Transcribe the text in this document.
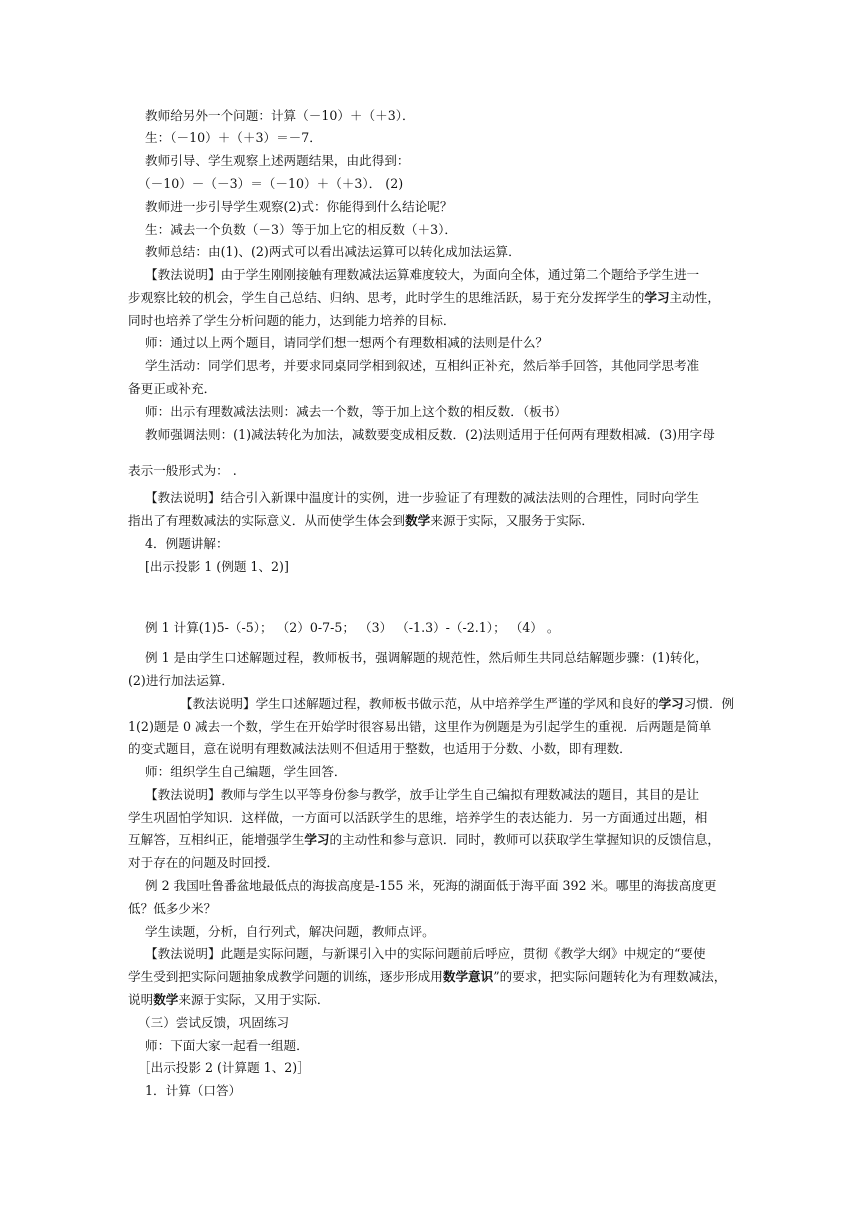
教师给另外一个问题：计算（－10）＋（＋3）．

生：（－10）＋（＋3）＝－7．

教师引导、学生观察上述两题结果，由此得到：

（－10）－（－3）＝（－10）＋（＋3）． (2)

教师进一步引导学生观察(2)式：你能得到什么结论呢？

生：减去一个负数（－3）等于加上它的相反数（＋3）．

教师总结：由(1)、(2)两式可以看出减法运算可以转化成加法运算．

【教法说明】由于学生刚刚接触有理数减法运算难度较大，为面向全体，通过第二个题给予学生进一

步观察比较的机会，学生自己总结、归纳、思考，此时学生的思维活跃，易于充分发挥学生的学习主动性，

同时也培养了学生分析问题的能力，达到能力培养的目标．

师：通过以上两个题目，请同学们想一想两个有理数相减的法则是什么？

学生活动：同学们思考，并要求同桌同学相到叙述，互相纠正补充，然后举手回答，其他同学思考准

备更正或补充．

师：出示有理数减法法则：减去一个数，等于加上这个数的相反数．（板书）

教师强调法则：(1)减法转化为加法，减数要变成相反数．(2)法则适用于任何两有理数相减．(3)用字母

表示一般形式为： .

【教法说明】结合引入新课中温度计的实例，进一步验证了有理数的减法法则的合理性，同时向学生

指出了有理数减法的实际意义．从而使学生体会到数学来源于实际，又服务于实际．

4．例题讲解：

[出示投影 1 (例题 1、2)]

例 1 计算(1)5-（-5）； （2）0-7-5； （3） （-1.3）-（-2.1）； （4） 。

例 1 是由学生口述解题过程，教师板书，强调解题的规范性，然后师生共同总结解题步骤：(1)转化，

(2)进行加法运算．

【教法说明】学生口述解题过程，教师板书做示范，从中培养学生严谨的学风和良好的学习习惯．例

1(2)题是 0 减去一个数，学生在开始学时很容易出错，这里作为例题是为引起学生的重视．后两题是简单

的变式题目，意在说明有理数减法法则不但适用于整数，也适用于分数、小数，即有理数．

师：组织学生自己编题，学生回答．

【教法说明】教师与学生以平等身份参与教学，放手让学生自己编拟有理数减法的题目，其目的是让

学生巩固怕学知识．这样做，一方面可以活跃学生的思维，培养学生的表达能力．另一方面通过出题，相

互解答，互相纠正，能增强学生学习的主动性和参与意识．同时，教师可以获取学生掌握知识的反馈信息，

对于存在的问题及时回授．

例 2 我国吐鲁番盆地最低点的海拔高度是-155 米，死海的湖面低于海平面 392 米。哪里的海拔高度更

低？低多少米？

学生读题，分析，自行列式，解决问题，教师点评。

【教法说明】此题是实际问题，与新课引入中的实际问题前后呼应，贯彻《教学大纲》中规定的“要使

学生受到把实际问题抽象成教学问题的训练，逐步形成用数学意识”的要求，把实际问题转化为有理数减法，

说明数学来源于实际，又用于实际．

（三）尝试反馈，巩固练习

师：下面大家一起看一组题．

［出示投影 2 (计算题 1、2)］

1．计算（口答）
